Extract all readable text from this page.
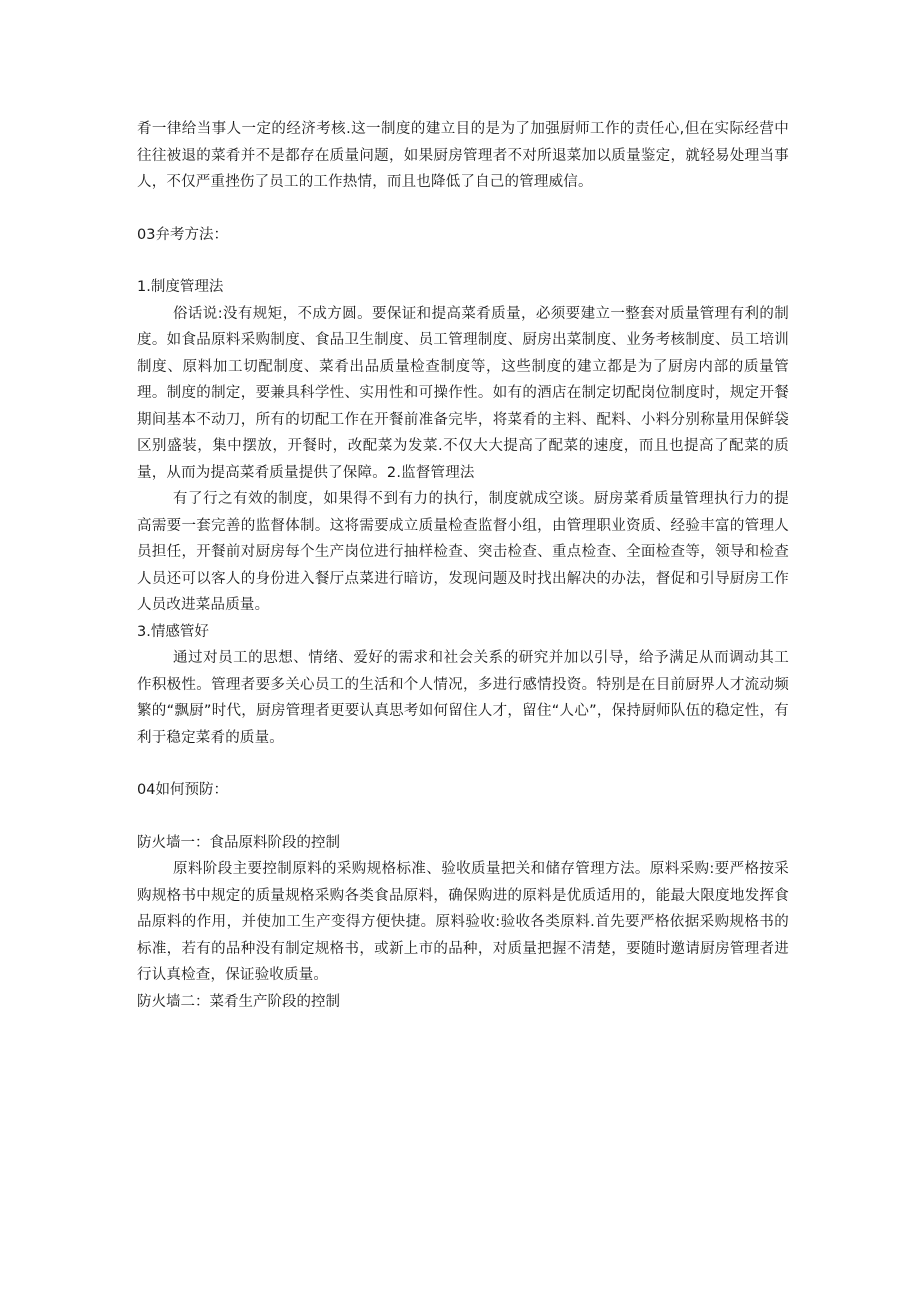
肴一律给当事人一定的经济考核.这一制度的建立目的是为了加强厨师工作的责任心,但在实际经营中往往被退的菜肴并不是都存在质量问题，如果厨房管理者不对所退菜加以质量鉴定，就轻易处理当事人，不仅严重挫伤了员工的工作热情，而且也降低了自己的管理威信。

03弁考方法：

1.制度管理法

俗话说:没有规矩，不成方圆。要保证和提高菜肴质量，必须要建立一整套对质量管理有利的制度。如食品原料采购制度、食品卫生制度、员工管理制度、厨房出菜制度、业务考核制度、员工培训制度、原料加工切配制度、菜肴出品质量检查制度等，这些制度的建立都是为了厨房内部的质量管理。制度的制定，要兼具科学性、实用性和可操作性。如有的酒店在制定切配岗位制度时，规定开餐期间基本不动刀，所有的切配工作在开餐前准备完毕，将菜肴的主料、配料、小料分别称量用保鲜袋区别盛装，集中摆放，开餐时，改配菜为发菜.不仅大大提高了配菜的速度，而且也提高了配菜的质量，从而为提高菜肴质量提供了保障。2.监督管理法

有了行之有效的制度，如果得不到有力的执行，制度就成空谈。厨房菜肴质量管理执行力的提高需要一套完善的监督体制。这将需要成立质量检查监督小组，由管理职业资质、经验丰富的管理人员担任，开餐前对厨房每个生产岗位进行抽样检查、突击检查、重点检查、全面检查等，领导和检查人员还可以客人的身份进入餐厅点菜进行暗访，发现问题及时找出解决的办法，督促和引导厨房工作人员改进菜品质量。

3.情感管好

通过对员工的思想、情绪、爱好的需求和社会关系的研究并加以引导，给予满足从而调动其工作积极性。管理者要多关心员工的生活和个人情况，多进行感情投资。特别是在目前厨界人才流动频繁的“飘厨”时代，厨房管理者更要认真思考如何留住人才，留住“人心”，保持厨师队伍的稳定性，有利于稳定菜肴的质量。

04如何预防：

防火墙一：食品原料阶段的控制

原料阶段主要控制原料的采购规格标准、验收质量把关和储存管理方法。原料采购:要严格按采购规格书中规定的质量规格采购各类食品原料，确保购进的原料是优质适用的，能最大限度地发挥食品原料的作用，并使加工生产变得方便快捷。原料验收:验收各类原料.首先要严格依据采购规格书的标准，若有的品种没有制定规格书，或新上市的品种，对质量把握不清楚，要随时邀请厨房管理者进行认真检查，保证验收质量。

防火墙二：菜肴生产阶段的控制
